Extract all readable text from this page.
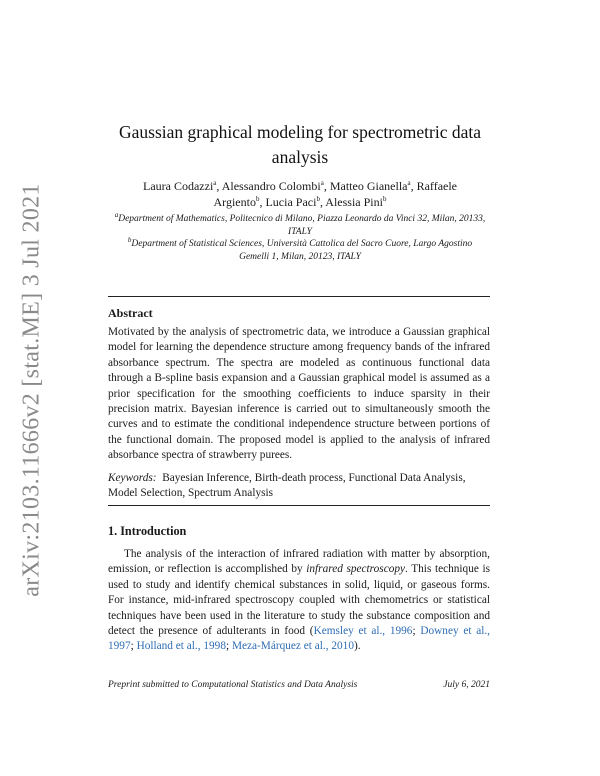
arXiv:2103.11666v2 [stat.ME] 3 Jul 2021
Gaussian graphical modeling for spectrometric data analysis
Laura Codazzi$^a$, Alessandro Colombi$^a$, Matteo Gianella$^a$, Raffaele Argiento$^b$, Lucia Paci$^b$, Alessia Pini$^b$
$^a$Department of Mathematics, Politecnico di Milano, Piazza Leonardo da Vinci 32, Milan, 20133, ITALY
$^b$Department of Statistical Sciences, Università Cattolica del Sacro Cuore, Largo Agostino Gemelli 1, Milan, 20123, ITALY
Abstract

Motivated by the analysis of spectrometric data, we introduce a Gaussian graphical model for learning the dependence structure among frequency bands of the infrared absorbance spectrum. The spectra are modeled as continuous functional data through a B-spline basis expansion and a Gaussian graphical model is assumed as a prior specification for the smoothing coefficients to induce sparsity in their precision matrix. Bayesian inference is carried out to simultaneously smooth the curves and to estimate the conditional independence structure between portions of the functional domain. The proposed model is applied to the analysis of infrared absorbance spectra of strawberry purees.

Keywords: Bayesian Inference, Birth-death process, Functional Data Analysis, Model Selection, Spectrum Analysis

1. Introduction

The analysis of the interaction of infrared radiation with matter by absorption, emission, or reflection is accomplished by infrared spectroscopy. This technique is used to study and identify chemical substances in solid, liquid, or gaseous forms. For instance, mid-infrared spectroscopy coupled with chemometrics or statistical techniques have been used in the literature to study the substance composition and detect the presence of adulterants in food (Kemsley et al., 1996; Downey et al., 1997; Holland et al., 1998; Meza-Márquez et al., 2010).

Preprint submitted to Computational Statistics and Data Analysis	July 6, 2021
